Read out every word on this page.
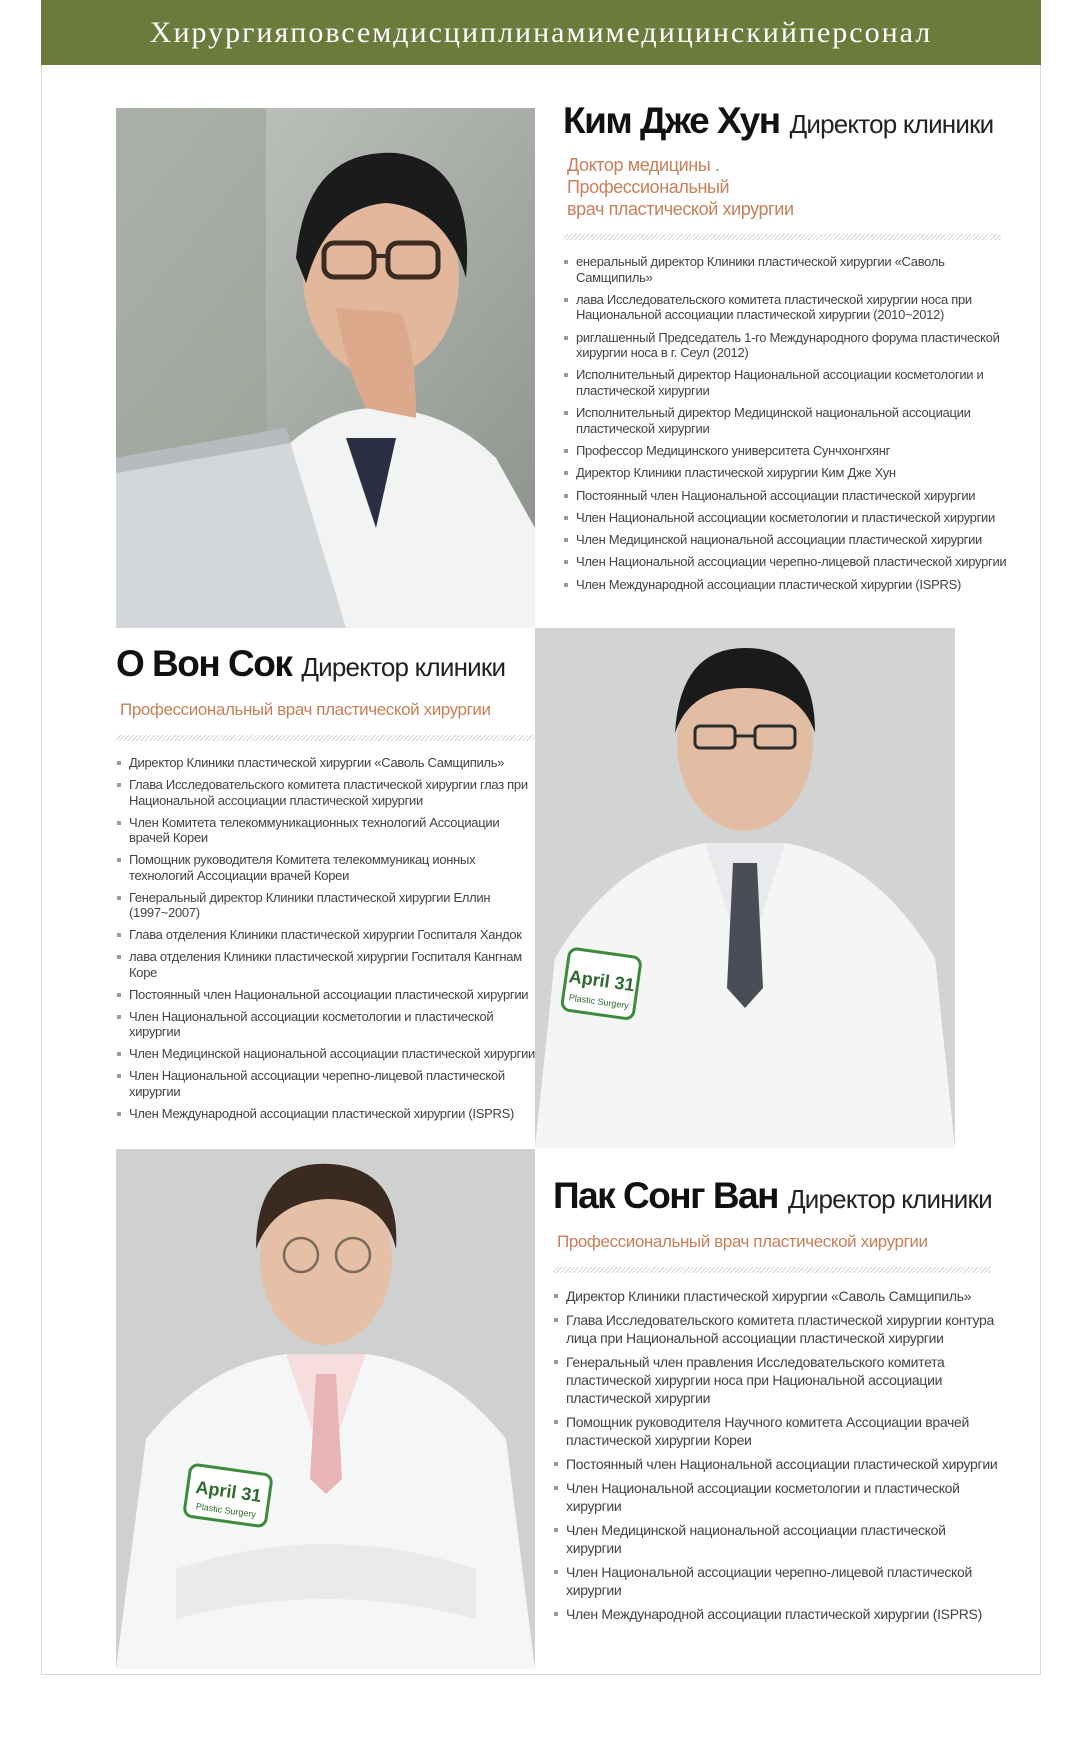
Хирургияповсемдисциплинамимедицинскийперсонал
Ким Дже Хун Директор клиники
Доктор медицины .
Профессиональный
врач пластической хирургии
енеральный директор Клиники пластической хирургии «Саволь Самщипиль»
лава Исследовательского комитета пластической хирургии носа при Национальной ассоциации пластической хирургии (2010~2012)
риглашенный Председатель 1-го Международного форума пластической хирургии носа в г. Сеул (2012)
Исполнительный директор Национальной ассоциации косметологии и пластической хирургии
Исполнительный директор Медицинской национальной ассоциации пластической хирургии
Профессор Медицинского университета Сунчхонгхянг
Директор Клиники пластической хирургии Ким Дже Хун
Постоянный член Национальной ассоциации пластической хирургии
Член Национальной ассоциации косметологии и пластической хирургии
Член Медицинской национальной ассоциации пластической хирургии
Член Национальной ассоциации черепно-лицевой пластической хирургии
Член Международной ассоциации пластической хирургии (ISPRS)
О Вон Сок Директор клиники
Профессиональный врач пластической хирургии
Директор Клиники пластической хирургии «Саволь Самщипиль»
Глава Исследовательского комитета пластической хирургии глаз при Национальной ассоциации пластической хирургии
Член Комитета телекоммуникационных технологий Ассоциации врачей Кореи
Помощник руководителя Комитета телекоммуникац ионных технологий Ассоциации врачей Кореи
Генеральный директор Клиники пластической хирургии Еллин (1997~2007)
Глава отделения Клиники пластической хирургии Госпиталя Хандок
лава отделения Клиники пластической хирургии Госпиталя Кангнам Коре
Постоянный член Национальной ассоциации пластической хирургии
Член Национальной ассоциации косметологии и пластической хирургии
Член Медицинской национальной ассоциации пластической хирургии
Член Национальной ассоциации черепно-лицевой пластической хирургии
Член Международной ассоциации пластической хирургии (ISPRS)
April 31
Plastic Surgery
April 31
Plastic Surgery
Пак Сонг Ван Директор клиники
Профессиональный врач пластической хирургии
Директор Клиники пластической хирургии «Саволь Самщипиль»
Глава Исследовательского комитета пластической хирургии контура лица при Национальной ассоциации пластической хирургии
Генеральный член правления Исследовательского комитета пластической хирургии носа при Национальной ассоциации пластической хирургии
Помощник руководителя Научного комитета Ассоциации врачей пластической хирургии Кореи
Постоянный член Национальной ассоциации пластической хирургии
Член Национальной ассоциации косметологии и пластической хирургии
Член Медицинской национальной ассоциации пластической хирургии
Член Национальной ассоциации черепно-лицевой пластической хирургии
Член Международной ассоциации пластической хирургии (ISPRS)
